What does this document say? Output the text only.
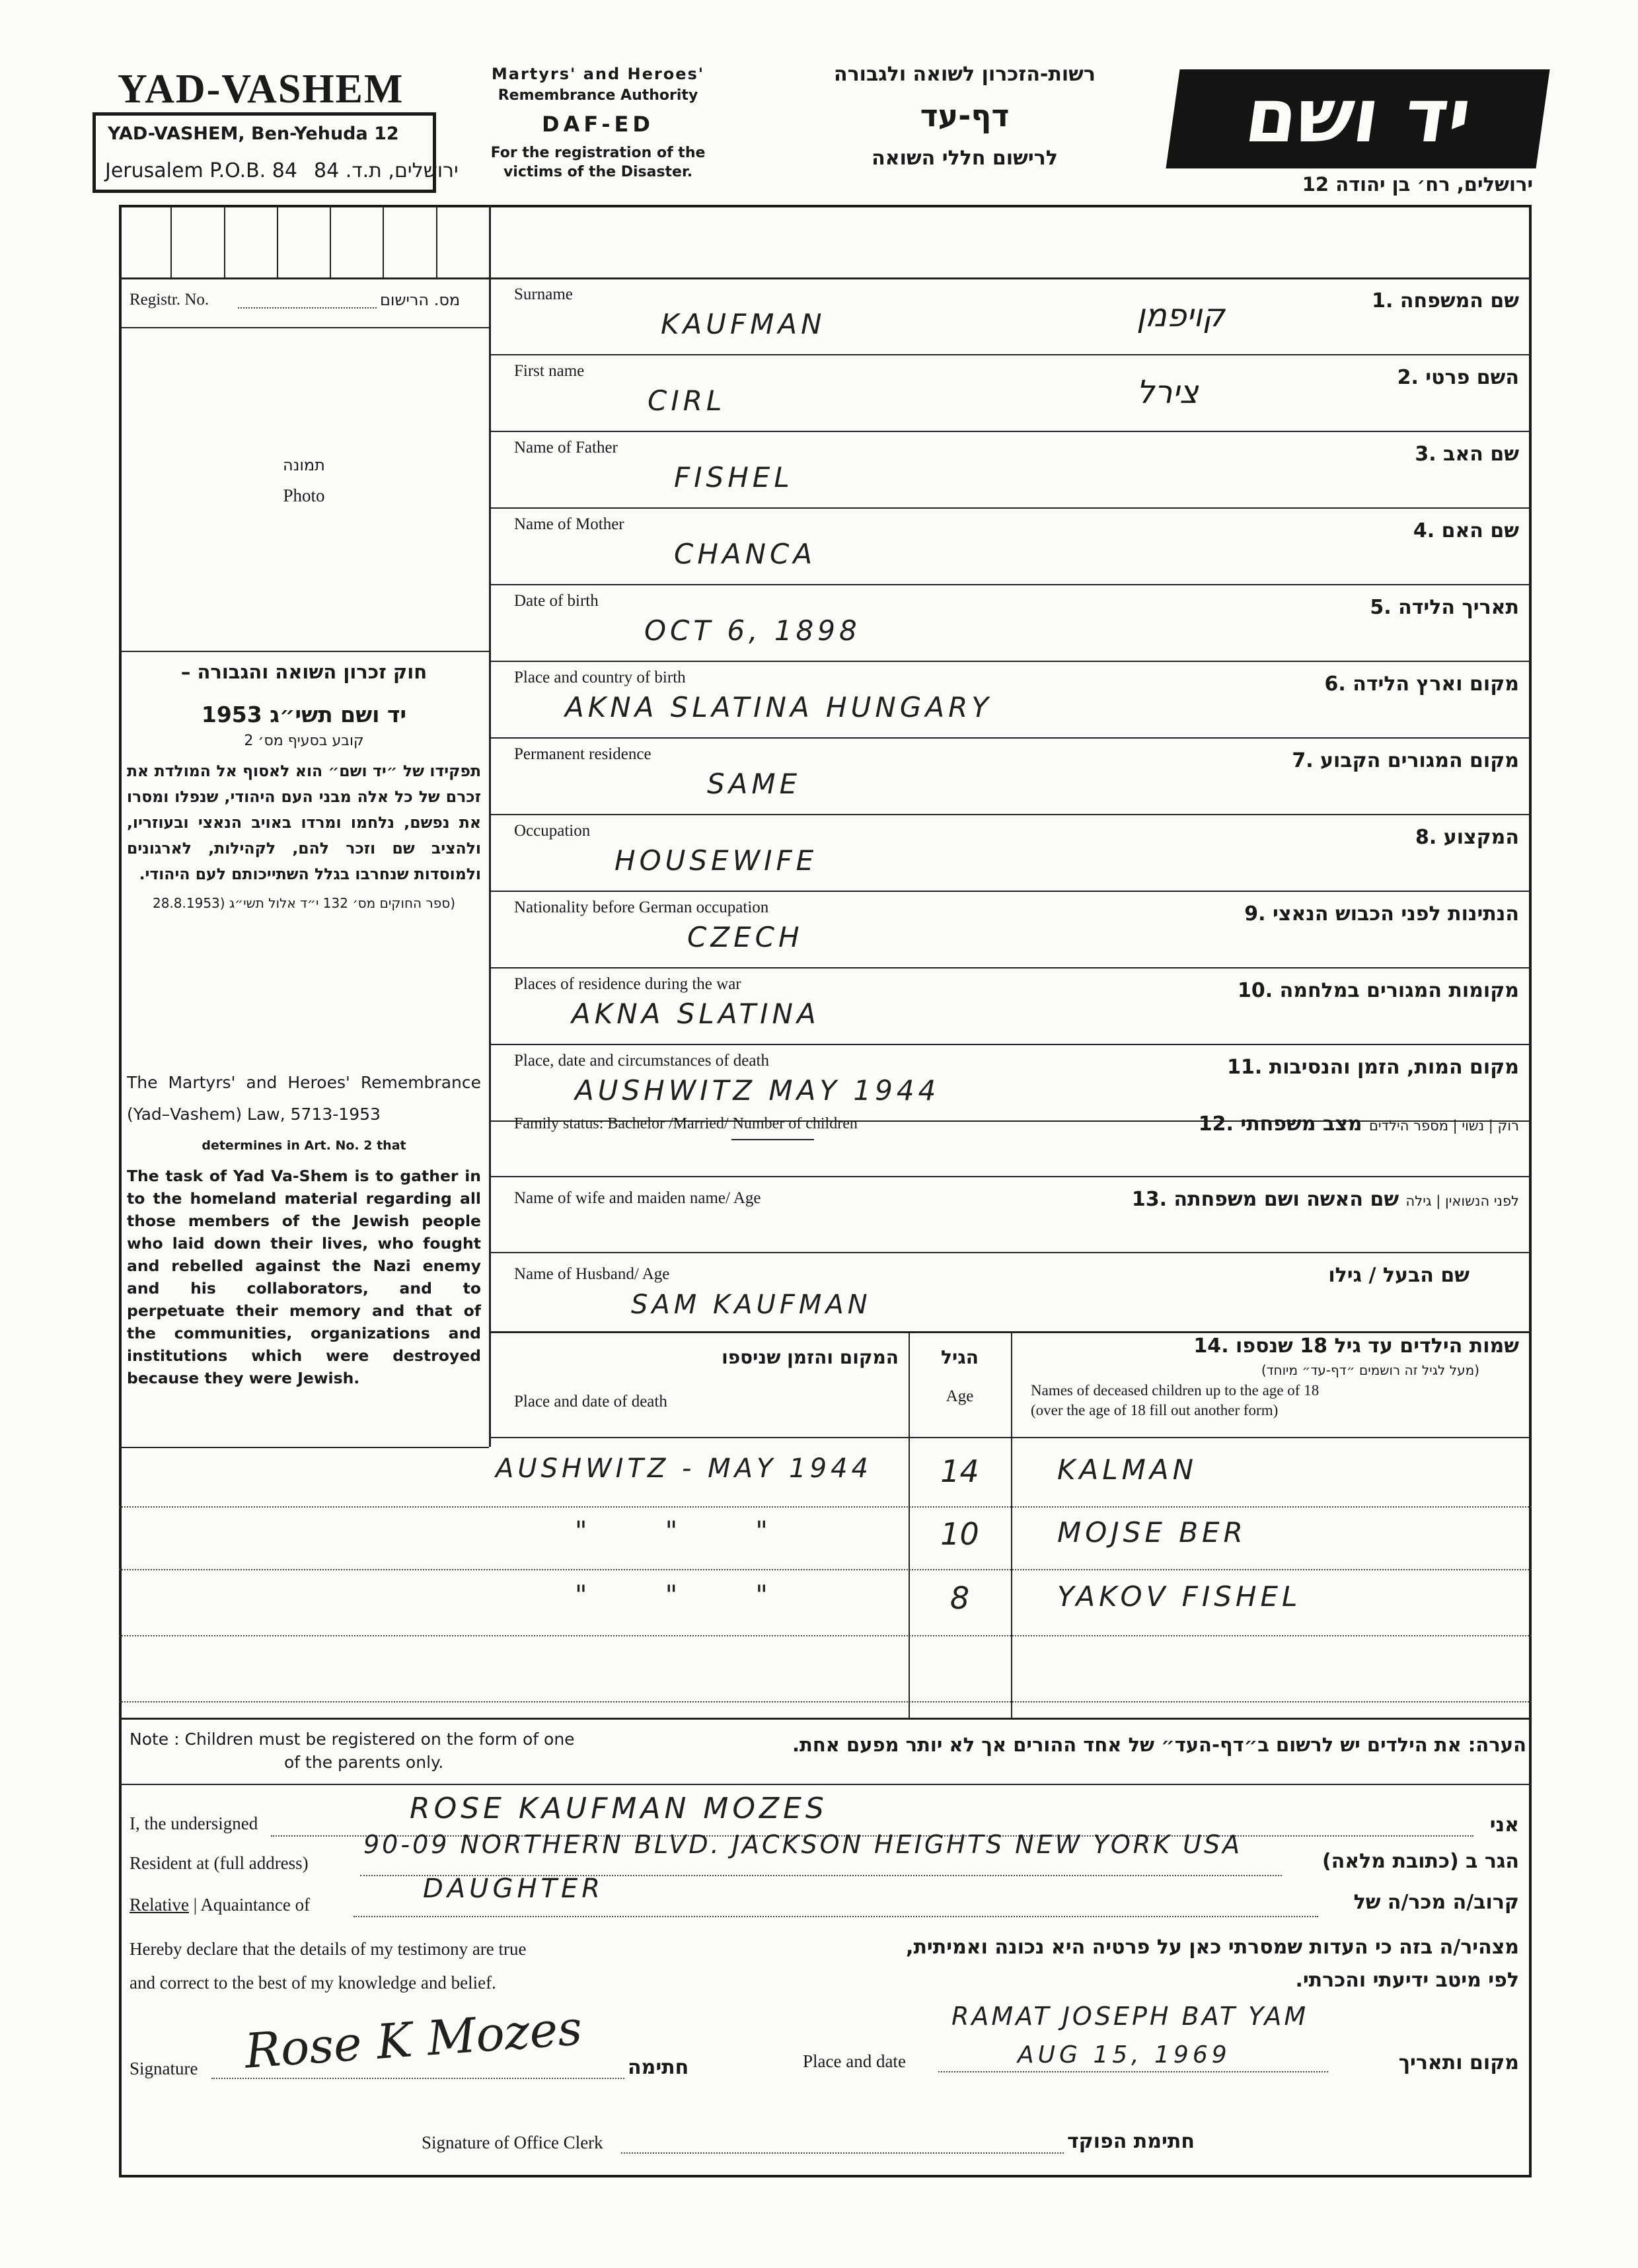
YAD-VASHEM
YAD-VASHEM, Ben-Yehuda 12
Jerusalem P.O.B. 84 ירושלים, ת.ד. 84
Martyrs' and Heroes'
Remembrance Authority
DAF-ED
For the registration of the
victims of the Disaster.
רשות-הזכרון לשואה ולגבורה
דף-עד
לרישום חללי השואה	יד ושם
ירושלים, רח׳ בן יהודה 12
Registr. No.	מס. הרישום
תמונה
Photo
חוק זכרון השואה והגבורה –
יד ושם תשי״ג 1953
קובע בסעיף מס׳ 2
תפקידו של ״יד ושם״ הוא לאסוף אל המולדת את זכרם של כל אלה מבני העם היהודי, שנפלו ומסרו את נפשם, נלחמו ומרדו באויב הנאצי ובעוזריו, ולהציב שם וזכר להם, לקהילות, לארגונים ולמוסדות שנחרבו בגלל השתייכותם לעם היהודי.
(ספר החוקים מס׳ 132 י״ד אלול תשי״ג (28.8.1953
The Martyrs' and Heroes' Remembrance (Yad–Vashem) Law, 5713-1953
determines in Art. No. 2 that
The task of Yad Va-Shem is to gather in to the homeland material regarding all those members of the Jewish people who laid down their lives, who fought and rebelled against the Nazi enemy and his collaborators, and to perpetuate their memory and that of the communities, organizations and institutions which were destroyed because they were Jewish.
Surname	שם המשפחה .1
KAUFMAN	קויפמן
First name	השם פרטי .2
CIRL	צירל
Name of Father	שם האב .3
FISHEL
Name of Mother	שם האם .4
CHANCA
Date of birth	תאריך הלידה .5
OCT 6, 1898
Place and country of birth	מקום וארץ הלידה .6
AKNA SLATINA HUNGARY
Permanent residence	מקום המגורים הקבוע .7
SAME
Occupation	המקצוע .8
HOUSEWIFE
Nationality before German occupation	הנתינות לפני הכבוש הנאצי .9
CZECH
Places of residence during the war	מקומות המגורים במלחמה .10
AKNA SLATINA
Place, date and circumstances of death	מקום המות, הזמן והנסיבות .11
AUSHWITZ MAY 1944
Family status: Bachelor /Married/ Number of children	רוק | נשוי | מספר הילדים מצב משפחתי .12
Name of wife and maiden name/ Age	לפני הנשואין | גילה שם האשה ושם משפחתה .13
Name of Husband/ Age	שם הבעל / גילו
SAM KAUFMAN
המקום והזמן שניספו
Place and date of death
הגיל
Age
שמות הילדים עד גיל 18 שנספו .14
(מעל לגיל זה רושמים ״דף-עד״ מיוחד)
Names of deceased children up to the age of 18
(over the age of 18 fill out another form)
AUSHWITZ - MAY 1944	14	KALMAN
"      "      "	10	MOJSE BER
"      "      "	8	YAKOV FISHEL
Note : Children must be registered on the form of one
of the parents only.
הערה: את הילדים יש לרשום ב״דף-העד״ של אחד ההורים אך לא יותר מפעם אחת.
I, the undersigned	ROSE KAUFMAN MOZES	אני
Resident at (full address)
90-09 NORTHERN BLVD. JACKSON HEIGHTS NEW YORK USA
הגר ב (כתובת מלאה)
Relative | Aquaintance of
DAUGHTER	קרוב/ה מכר/ה של
Hereby declare that the details of my testimony are true
and correct to the best of my knowledge and belief.
מצהיר/ה בזה כי העדות שמסרתי כאן על פרטיה היא נכונה ואמיתית,
לפי מיטב ידיעתי והכרתי.
Signature Rose K Mozes חתימה	Place and date
RAMAT JOSEPH BAT YAM
AUG 15, 1969	מקום ותאריך
Signature of Office Clerk	חתימת הפוקד
